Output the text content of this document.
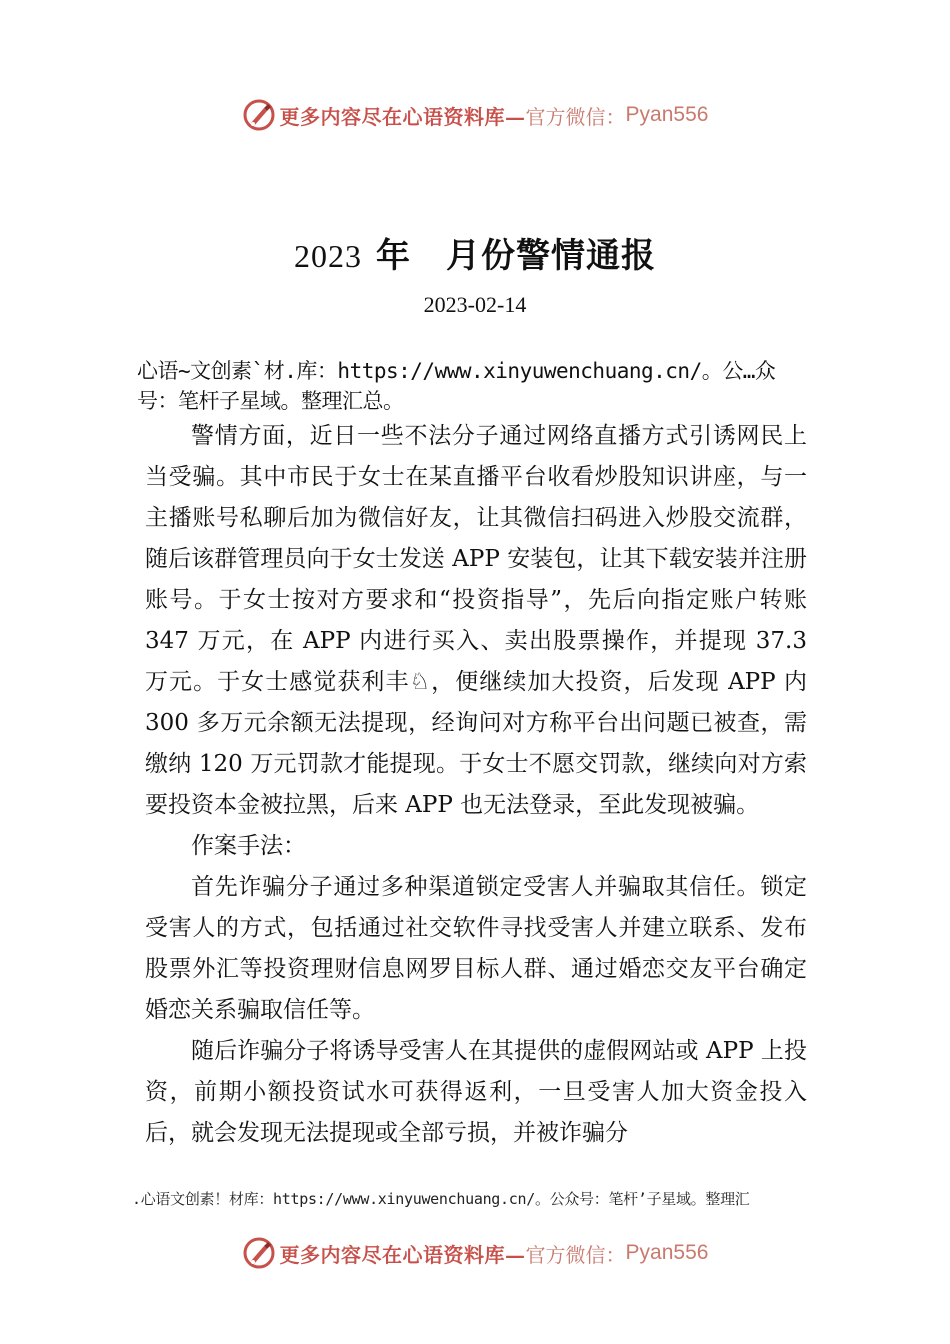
更多内容尽在心语资料库— 官方微信： Pyan556
2023 年　月份警情通报
2023-02-14
心语~文创素`材.库：https://www.xinyuwenchuang.cn/。公…众号：笔杆子星域。整理汇总。

警情方面，近日一些不法分子通过网络直播方式引诱网民上当受骗。其中市民于女士在某直播平台收看炒股知识讲座，与一主播账号私聊后加为微信好友，让其微信扫码进入炒股交流群，随后该群管理员向于女士发送 APP 安装包，让其下载安装并注册账号。于女士按对方要求和“投资指导”，先后向指定账户转账 347 万元，在 APP 内进行买入、卖出股票操作，并提现 37.3 万元。于女士感觉获利丰♘，便继续加大投资，后发现 APP 内 300 多万元余额无法提现，经询问对方称平台出问题已被查，需缴纳 120 万元罚款才能提现。于女士不愿交罚款，继续向对方索要投资本金被拉黑，后来 APP 也无法登录，至此发现被骗。

作案手法：

首先诈骗分子通过多种渠道锁定受害人并骗取其信任。锁定受害人的方式，包括通过社交软件寻找受害人并建立联系、发布股票外汇等投资理财信息网罗目标人群、通过婚恋交友平台确定婚恋关系骗取信任等。

随后诈骗分子将诱导受害人在其提供的虚假网站或 APP 上投资，前期小额投资试水可获得返利，一旦受害人加大资金投入后，就会发现无法提现或全部亏损，并被诈骗分

.心语文创素！材库：https://www.xinyuwenchuang.cn/。公众号：笔杆’子星域。整理汇
更多内容尽在心语资料库— 官方微信： Pyan556
